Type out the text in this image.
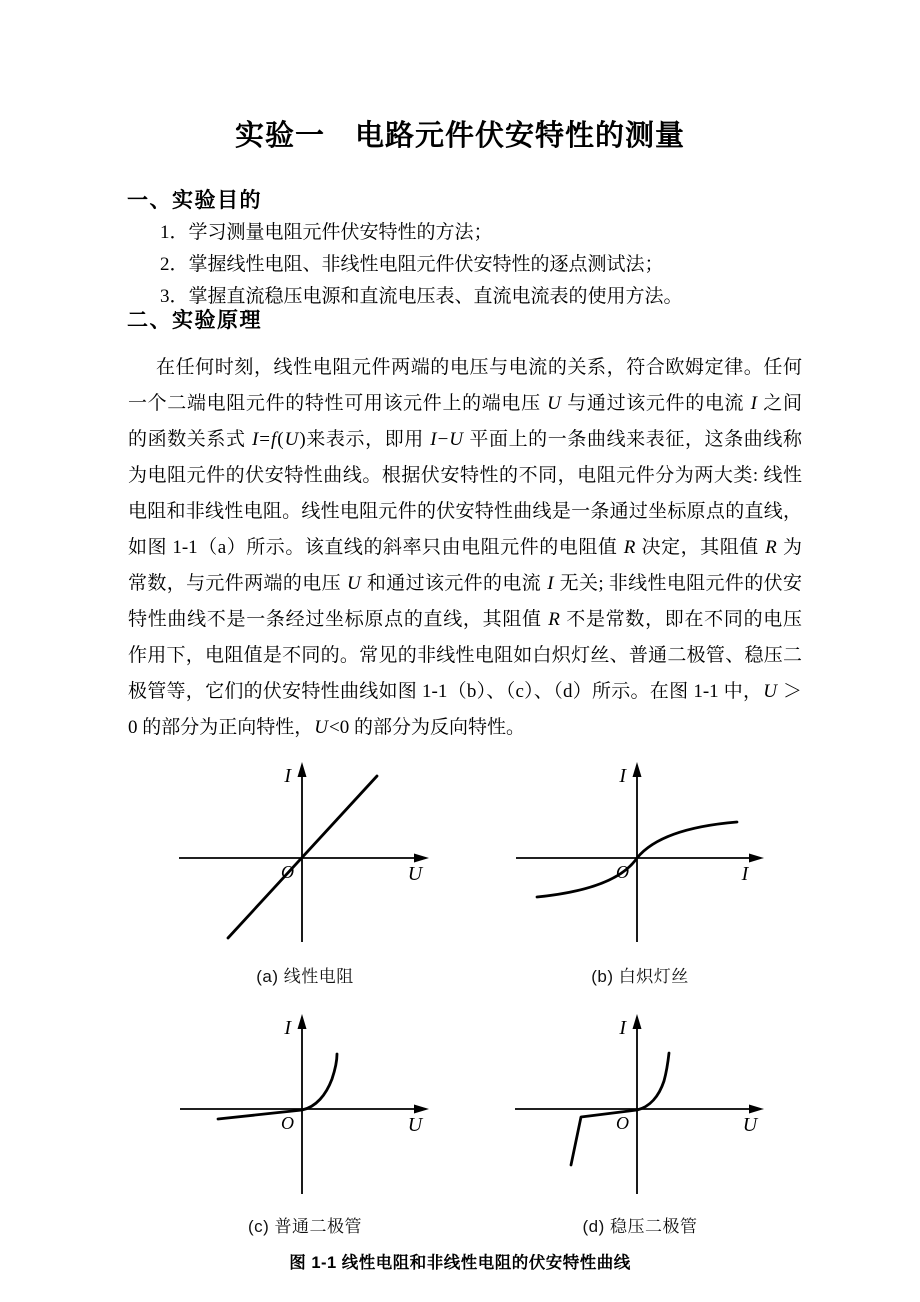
实验一　电路元件伏安特性的测量
一、实验目的
1．学习测量电阻元件伏安特性的方法；
2．掌握线性电阻、非线性电阻元件伏安特性的逐点测试法；
3．掌握直流稳压电源和直流电压表、直流电流表的使用方法。
二、实验原理
在任何时刻，线性电阻元件两端的电压与电流的关系，符合欧姆定律。任何
一个二端电阻元件的特性可用该元件上的端电压 U 与通过该元件的电流 I 之间
的函数关系式 I=f(U)来表示，即用 I−U 平面上的一条曲线来表征，这条曲线称
为电阻元件的伏安特性曲线。根据伏安特性的不同，电阻元件分为两大类: 线性
电阻和非线性电阻。线性电阻元件的伏安特性曲线是一条通过坐标原点的直线，
如图 1-1（a）所示。该直线的斜率只由电阻元件的电阻值 R 决定，其阻值 R 为
常数，与元件两端的电压 U 和通过该元件的电流 I 无关; 非线性电阻元件的伏安
特性曲线不是一条经过坐标原点的直线，其阻值 R 不是常数，即在不同的电压
作用下，电阻值是不同的。常见的非线性电阻如白炽灯丝、普通二极管、稳压二
极管等，它们的伏安特性曲线如图 1-1（b）、（c）、（d）所示。在图 1-1 中，U ＞
0 的部分为正向特性，U<0 的部分为反向特性。
I
O	U
(a) 线性电阻
I
O	I
(b) 白炽灯丝
I
O	U
(c) 普通二极管
I
O	U
(d) 稳压二极管
图 1-1 线性电阻和非线性电阻的伏安特性曲线
